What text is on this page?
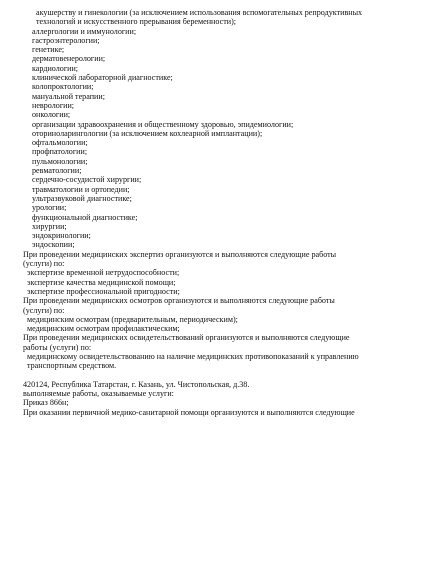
акушерству и гинекологии (за исключением использования вспомогательных репродуктивных
технологий и искусственного прерывания беременности);
аллергологии и иммунологии;
гастроэнтерологии;
генетике;
дерматовенерологии;
кардиологии;
клинической лабораторной диагностике;
колопроктологии;
мануальной терапии;
неврологии;
онкологии;
организации здравоохранения и общественному здоровью, эпидемиологии;
оториноларингологии (за исключением кохлеарной имплантации);
офтальмологии;
профпатологии;
пульмонологии;
ревматологии;
сердечно-сосудистой хирургии;
травматологии и ортопедии;
ультразвуковой диагностике;
урологии;
функциональной диагностике;
хирургии;
эндокринологии;
эндоскопии;
При проведении медицинских экспертиз организуются и выполняются следующие работы
(услуги) по:
экспертизе временной нетрудоспособности;
экспертизе качества медицинской помощи;
экспертизе профессиональной пригодности;
При проведении медицинских осмотров организуются и выполняются следующие работы
(услуги) по:
медицинским осмотрам (предварительным, периодическим);
медицинским осмотрам профилактическим;
При проведении медицинских освидетельствований организуются и выполняются следующие
работы (услуги) по:
медицинскому освидетельствованию на наличие медицинских противопоказаний к управлению
транспортным средством.
420124, Республика Татарстан, г. Казань, ул. Чистопольская, д.38.
выполняемые работы, оказываемые услуги:
Приказ 866н;
При оказании первичной медико-санитарной помощи организуются и выполняются следующие
